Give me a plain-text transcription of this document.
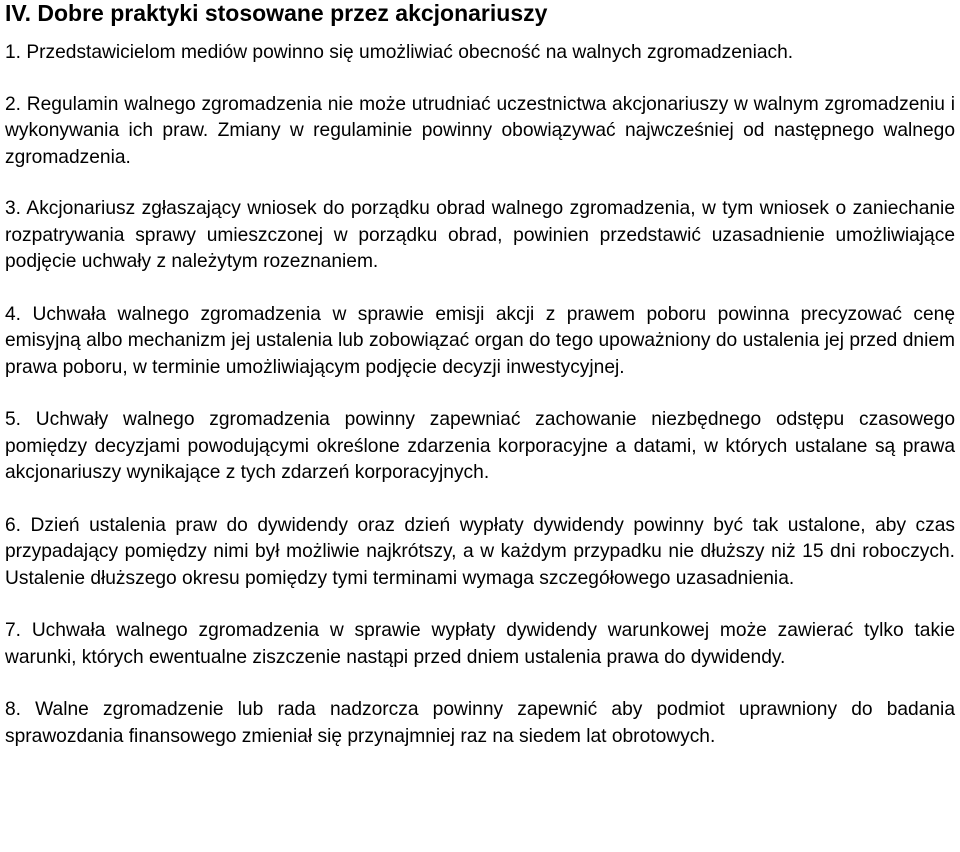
IV. Dobre praktyki stosowane przez akcjonariuszy

1. Przedstawicielom mediów powinno się umożliwiać obecność na walnych zgromadzeniach.

2. Regulamin walnego zgromadzenia nie może utrudniać uczestnictwa akcjonariuszy w walnym zgromadzeniu i wykonywania ich praw. Zmiany w regulaminie powinny obowiązywać najwcześniej od następnego walnego zgromadzenia.

3. Akcjonariusz zgłaszający wniosek do porządku obrad walnego zgromadzenia, w tym wniosek o zaniechanie rozpatrywania sprawy umieszczonej w porządku obrad, powinien przedstawić uzasadnienie umożliwiające podjęcie uchwały z należytym rozeznaniem.

4. Uchwała walnego zgromadzenia w sprawie emisji akcji z prawem poboru powinna precyzować cenę emisyjną albo mechanizm jej ustalenia lub zobowiązać organ do tego upoważniony do ustalenia jej przed dniem prawa poboru, w terminie umożliwiającym podjęcie decyzji inwestycyjnej.

5. Uchwały walnego zgromadzenia powinny zapewniać zachowanie niezbędnego odstępu czasowego pomiędzy decyzjami powodującymi określone zdarzenia korporacyjne a datami, w których ustalane są prawa akcjonariuszy wynikające z tych zdarzeń korporacyjnych.

6. Dzień ustalenia praw do dywidendy oraz dzień wypłaty dywidendy powinny być tak ustalone, aby czas przypadający pomiędzy nimi był możliwie najkrótszy, a w każdym przypadku nie dłuższy niż 15 dni roboczych. Ustalenie dłuższego okresu pomiędzy tymi terminami wymaga szczegółowego uzasadnienia.

7. Uchwała walnego zgromadzenia w sprawie wypłaty dywidendy warunkowej może zawierać tylko takie warunki, których ewentualne ziszczenie nastąpi przed dniem ustalenia prawa do dywidendy.

8. Walne zgromadzenie lub rada nadzorcza powinny zapewnić aby podmiot uprawniony do badania sprawozdania finansowego zmieniał się przynajmniej raz na siedem lat obrotowych.
